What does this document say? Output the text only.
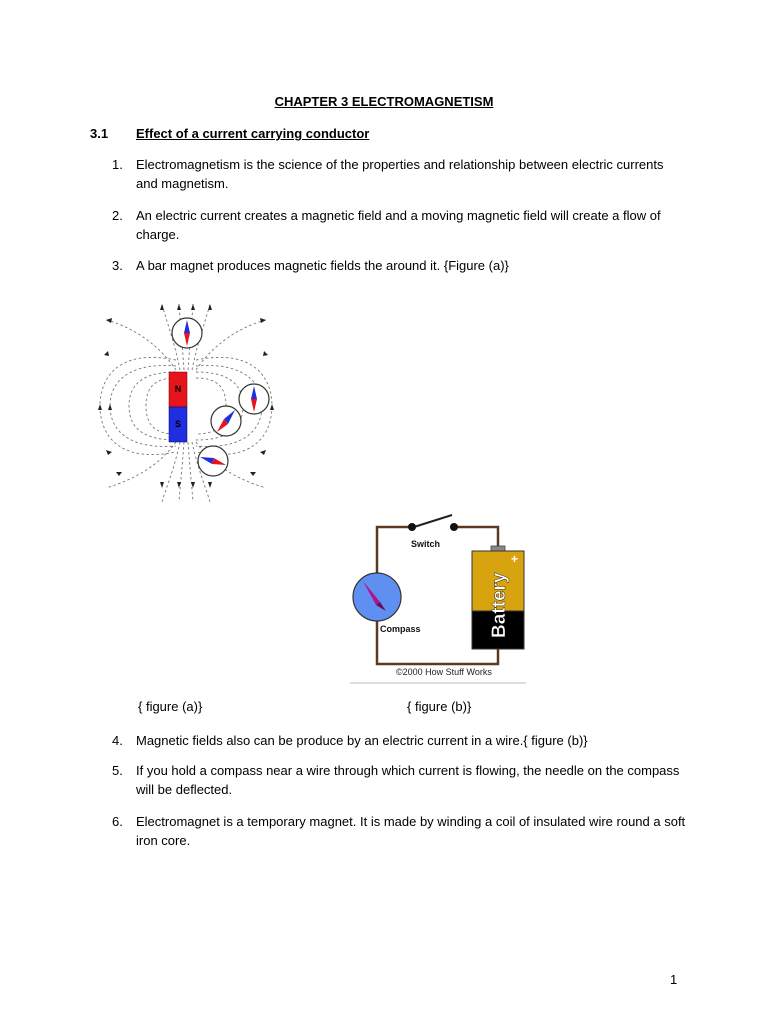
CHAPTER 3 ELECTROMAGNETISM
3.1 Effect of a current carrying conductor
1.	Electromagnetism is the science of the properties and relationship between electric currents and magnetism.
2.	An electric current creates a magnetic field and a moving magnetic field will create a flow of charge.
3.	A bar magnet produces magnetic fields the around it. {Figure (a)}
N
S
Switch
Compass
+
Battery
©2000 How Stuff Works
{ figure (a)}	{ figure (b)}
4.	Magnetic fields also can be produce by an electric current in a wire.{ figure (b)}
5.	If you hold a compass near a wire through which current is flowing, the needle on the compass will be deflected.
6.	Electromagnet is a temporary magnet. It is made by winding a coil of insulated wire round a soft iron core.
1
